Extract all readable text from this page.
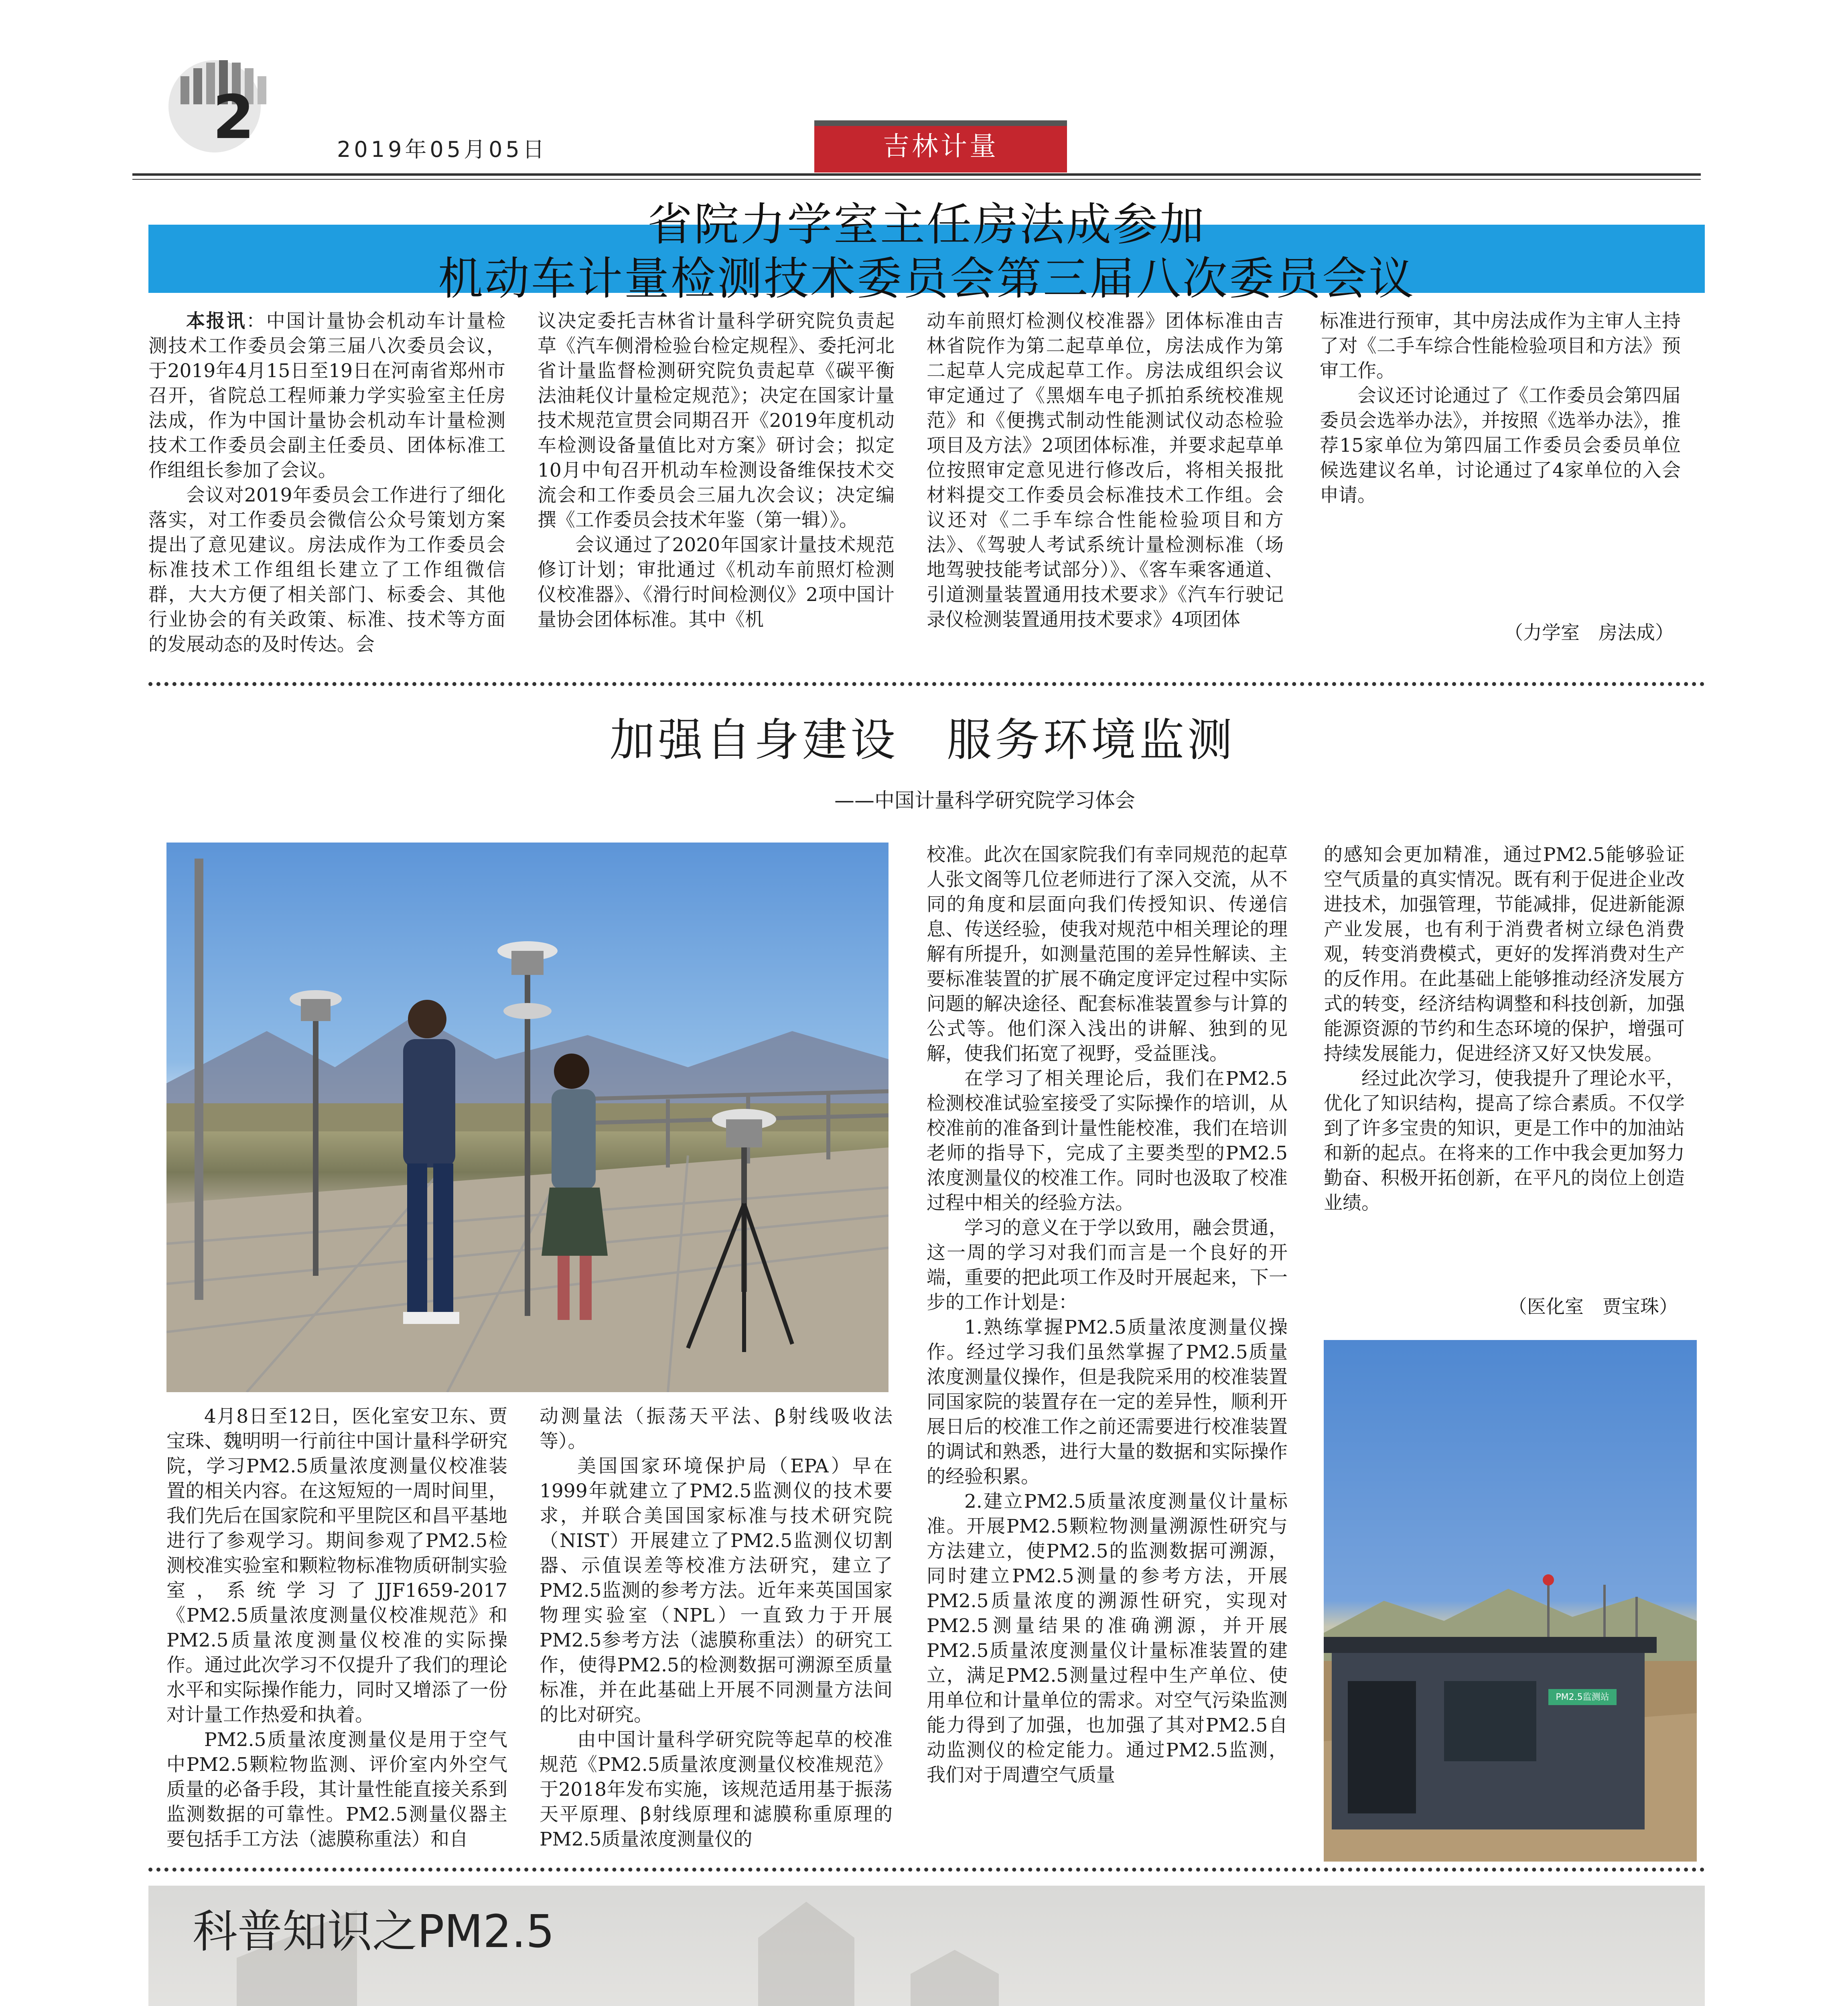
2	2019年05月05日	吉林计量
省院力学室主任房法成参加
机动车计量检测技术委员会第三届八次委员会议

本报讯：中国计量协会机动车计量检测技术工作委员会第三届八次委员会议，于2019年4月15日至19日在河南省郑州市召开，省院总工程师兼力学实验室主任房法成，作为中国计量协会机动车计量检测技术工作委员会副主任委员、团体标准工作组组长参加了会议。

会议对2019年委员会工作进行了细化落实，对工作委员会微信公众号策划方案提出了意见建议。房法成作为工作委员会标准技术工作组组长建立了工作组微信群，大大方便了相关部门、标委会、其他行业协会的有关政策、标准、技术等方面的发展动态的及时传达。会

议决定委托吉林省计量科学研究院负责起草《汽车侧滑检验台检定规程》、委托河北省计量监督检测研究院负责起草《碳平衡法油耗仪计量检定规范》；决定在国家计量技术规范宣贯会同期召开《2019年度机动车检测设备量值比对方案》研讨会；拟定10月中旬召开机动车检测设备维保技术交流会和工作委员会三届九次会议；决定编撰《工作委员会技术年鉴（第一辑）》。

会议通过了2020年国家计量技术规范修订计划；审批通过《机动车前照灯检测仪校准器》、《滑行时间检测仪》2项中国计量协会团体标准。其中《机

动车前照灯检测仪校准器》团体标准由吉林省院作为第二起草单位，房法成作为第二起草人完成起草工作。房法成组织会议审定通过了《黑烟车电子抓拍系统校准规范》和《便携式制动性能测试仪动态检验项目及方法》2项团体标准，并要求起草单位按照审定意见进行修改后，将相关报批材料提交工作委员会标准技术工作组。会议还对《二手车综合性能检验项目和方法》、《驾驶人考试系统计量检测标准（场地驾驶技能考试部分）》、《客车乘客通道、引道测量装置通用技术要求》《汽车行驶记录仪检测装置通用技术要求》4项团体

标准进行预审，其中房法成作为主审人主持了对《二手车综合性能检验项目和方法》预审工作。

会议还讨论通过了《工作委员会第四届委员会选举办法》，并按照《选举办法》，推荐15家单位为第四届工作委员会委员单位候选建议名单，讨论通过了4家单位的入会申请。

（力学室　房法成）
加强自身建设　服务环境监测
——中国计量科学研究院学习体会

4月8日至12日，医化室安卫东、贾宝珠、魏明明一行前往中国计量科学研究院，学习PM2.5质量浓度测量仪校准装置的相关内容。在这短短的一周时间里，我们先后在国家院和平里院区和昌平基地进行了参观学习。期间参观了PM2.5检测校准实验室和颗粒物标准物质研制实验室，系统学习了JJF1659-2017《PM2.5质量浓度测量仪校准规范》和PM2.5质量浓度测量仪校准的实际操作。通过此次学习不仅提升了我们的理论水平和实际操作能力，同时又增添了一份对计量工作热爱和执着。

PM2.5质量浓度测量仪是用于空气中PM2.5颗粒物监测、评价室内外空气质量的必备手段，其计量性能直接关系到监测数据的可靠性。PM2.5测量仪器主要包括手工方法（滤膜称重法）和自

动测量法（振荡天平法、β射线吸收法等）。

美国国家环境保护局（EPA）早在1999年就建立了PM2.5监测仪的技术要求，并联合美国国家标准与技术研究院（NIST）开展建立了PM2.5监测仪切割器、示值误差等校准方法研究，建立了PM2.5监测的参考方法。近年来英国国家物理实验室（NPL）一直致力于开展PM2.5参考方法（滤膜称重法）的研究工作，使得PM2.5的检测数据可溯源至质量标准，并在此基础上开展不同测量方法间的比对研究。

由中国计量科学研究院等起草的校准规范《PM2.5质量浓度测量仪校准规范》于2018年发布实施，该规范适用基于振荡天平原理、β射线原理和滤膜称重原理的PM2.5质量浓度测量仪的

校准。此次在国家院我们有幸同规范的起草人张文阁等几位老师进行了深入交流，从不同的角度和层面向我们传授知识、传递信息、传送经验，使我对规范中相关理论的理解有所提升，如测量范围的差异性解读、主要标准装置的扩展不确定度评定过程中实际问题的解决途径、配套标准装置参与计算的公式等。他们深入浅出的讲解、独到的见解，使我们拓宽了视野，受益匪浅。

在学习了相关理论后，我们在PM2.5检测校准试验室接受了实际操作的培训，从校准前的准备到计量性能校准，我们在培训老师的指导下，完成了主要类型的PM2.5浓度测量仪的校准工作。同时也汲取了校准过程中相关的经验方法。

学习的意义在于学以致用，融会贯通，这一周的学习对我们而言是一个良好的开端，重要的把此项工作及时开展起来，下一步的工作计划是：

1.熟练掌握PM2.5质量浓度测量仪操作。经过学习我们虽然掌握了PM2.5质量浓度测量仪操作，但是我院采用的校准装置同国家院的装置存在一定的差异性，顺利开展日后的校准工作之前还需要进行校准装置的调试和熟悉，进行大量的数据和实际操作的经验积累。

2.建立PM2.5质量浓度测量仪计量标准。开展PM2.5颗粒物测量溯源性研究与方法建立，使PM2.5的监测数据可溯源，同时建立PM2.5测量的参考方法，开展PM2.5质量浓度的溯源性研究，实现对PM2.5测量结果的准确溯源，并开展PM2.5质量浓度测量仪计量标准装置的建立，满足PM2.5测量过程中生产单位、使用单位和计量单位的需求。对空气污染监测能力得到了加强，也加强了其对PM2.5自动监测仪的检定能力。通过PM2.5监测，我们对于周遭空气质量

的感知会更加精准，通过PM2.5能够验证空气质量的真实情况。既有利于促进企业改进技术，加强管理，节能减排，促进新能源产业发展，也有利于消费者树立绿色消费观，转变消费模式，更好的发挥消费对生产的反作用。在此基础上能够推动经济发展方式的转变，经济结构调整和科技创新，加强能源资源的节约和生态环境的保护，增强可持续发展能力，促进经济又好又快发展。

经过此次学习，使我提升了理论水平，优化了知识结构，提高了综合素质。不仅学到了许多宝贵的知识，更是工作中的加油站和新的起点。在将来的工作中我会更加努力勤奋、积极开拓创新，在平凡的岗位上创造业绩。

（医化室　贾宝珠）
PM2.5监测站
科普知识之PM2.5
